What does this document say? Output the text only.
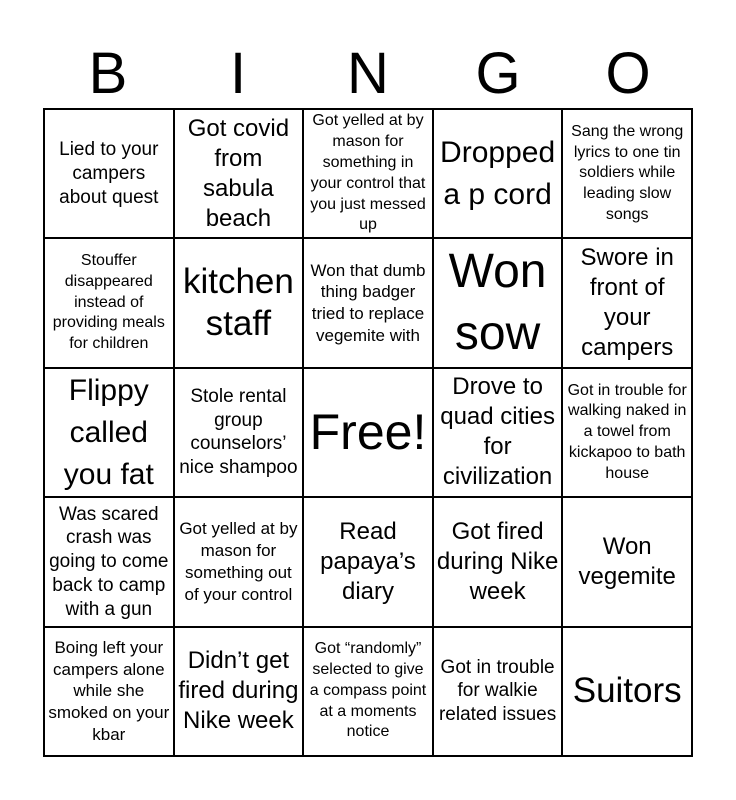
B	I	N	G	O
Lied to your campers about quest
Got covid from sabula beach
Got yelled at by mason for something in your control that you just messed up
Dropped a p cord
Sang the wrong lyrics to one tin soldiers while leading slow songs
Stouffer disappeared instead of providing meals for children
kitchen staff
Won that dumb thing badger tried to replace vegemite with
Won sow
Swore in front of your campers
Flippy called you fat
Stole rental group counselors’ nice shampoo
Free!
Drove to quad cities for civilization
Got in trouble for walking naked in a towel from kickapoo to bath house
Was scared crash was going to come back to camp with a gun
Got yelled at by mason for something out of your control
Read papaya’s diary
Got fired during Nike week
Won vegemite
Boing left your campers alone while she smoked on your kbar
Didn’t get fired during Nike week
Got “randomly” selected to give a compass point at a moments notice
Got in trouble for walkie related issues
Suitors
